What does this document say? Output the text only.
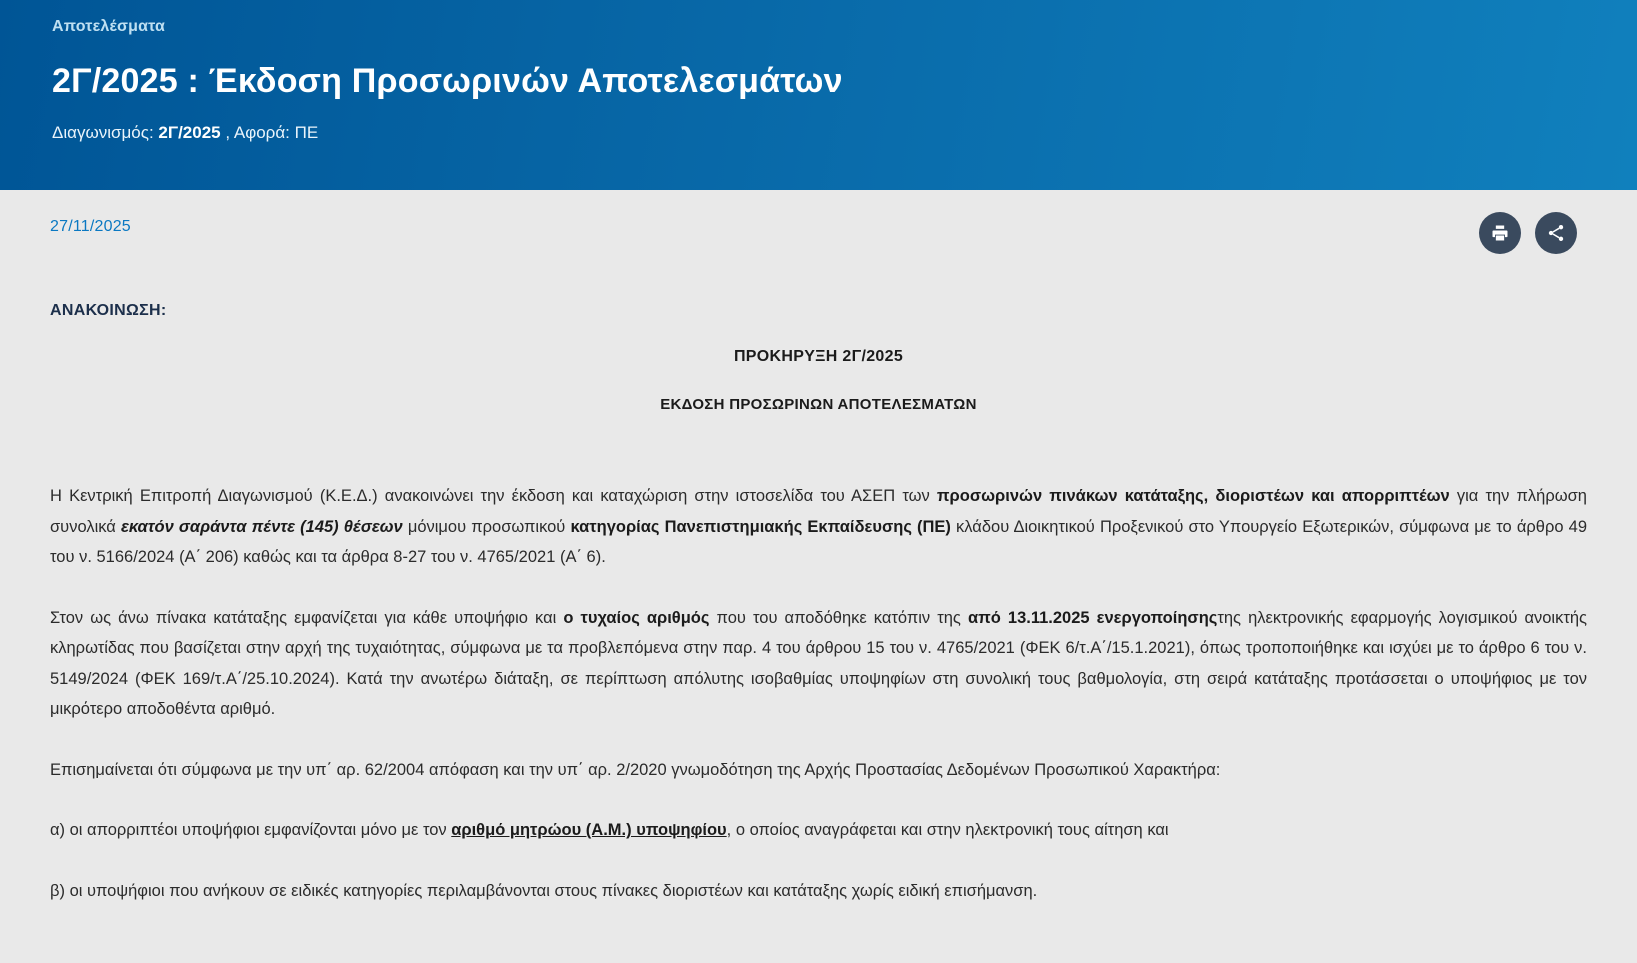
Αποτελέσματα
2Γ/2025 : Έκδοση Προσωρινών Αποτελεσμάτων
Διαγωνισμός: 2Γ/2025 , Αφορά: ΠΕ
27/11/2025
ΑΝΑΚΟΙΝΩΣΗ:
ΠΡΟΚΗΡΥΞΗ 2Γ/2025
ΕΚΔΟΣΗ ΠΡΟΣΩΡΙΝΩΝ ΑΠΟΤΕΛΕΣΜΑΤΩΝ

Η Κεντρική Επιτροπή Διαγωνισμού (Κ.Ε.Δ.) ανακοινώνει την έκδοση και καταχώριση στην ιστοσελίδα του ΑΣΕΠ των προσωρινών πινάκων κατάταξης, διοριστέων και απορριπτέων για την πλήρωση συνολικά εκατόν σαράντα πέντε (145) θέσεων μόνιμου προσωπικού κατηγορίας Πανεπιστημιακής Εκπαίδευσης (ΠΕ) κλάδου Διοικητικού Προξενικού στο Υπουργείο Εξωτερικών, σύμφωνα με το άρθρο 49 του ν. 5166/2024 (Α΄ 206) καθώς και τα άρθρα 8-27 του ν. 4765/2021 (Α΄ 6).

Στον ως άνω πίνακα κατάταξης εμφανίζεται για κάθε υποψήφιο και ο τυχαίος αριθμός που του αποδόθηκε κατόπιν της από 13.11.2025 ενεργοποίησηςτης ηλεκτρονικής εφαρμογής λογισμικού ανοικτής κληρωτίδας που βασίζεται στην αρχή της τυχαιότητας, σύμφωνα με τα προβλεπόμενα στην παρ. 4 του άρθρου 15 του ν. 4765/2021 (ΦΕΚ 6/τ.Α΄/15.1.2021), όπως τροποποιήθηκε και ισχύει με το άρθρο 6 του ν. 5149/2024 (ΦΕΚ 169/τ.Α΄/25.10.2024). Κατά την ανωτέρω διάταξη, σε περίπτωση απόλυτης ισοβαθμίας υποψηφίων στη συνολική τους βαθμολογία, στη σειρά κατάταξης προτάσσεται ο υποψήφιος με τον μικρότερο αποδοθέντα αριθμό.

Επισημαίνεται ότι σύμφωνα με την υπ΄ αρ. 62/2004 απόφαση και την υπ΄ αρ. 2/2020 γνωμοδότηση της Αρχής Προστασίας Δεδομένων Προσωπικού Χαρακτήρα:

α) οι απορριπτέοι υποψήφιοι εμφανίζονται μόνο με τον αριθμό μητρώου (Α.Μ.) υποψηφίου, ο οποίος αναγράφεται και στην ηλεκτρονική τους αίτηση και

β) οι υποψήφιοι που ανήκουν σε ειδικές κατηγορίες περιλαμβάνονται στους πίνακες διοριστέων και κατάταξης χωρίς ειδική επισήμανση.
